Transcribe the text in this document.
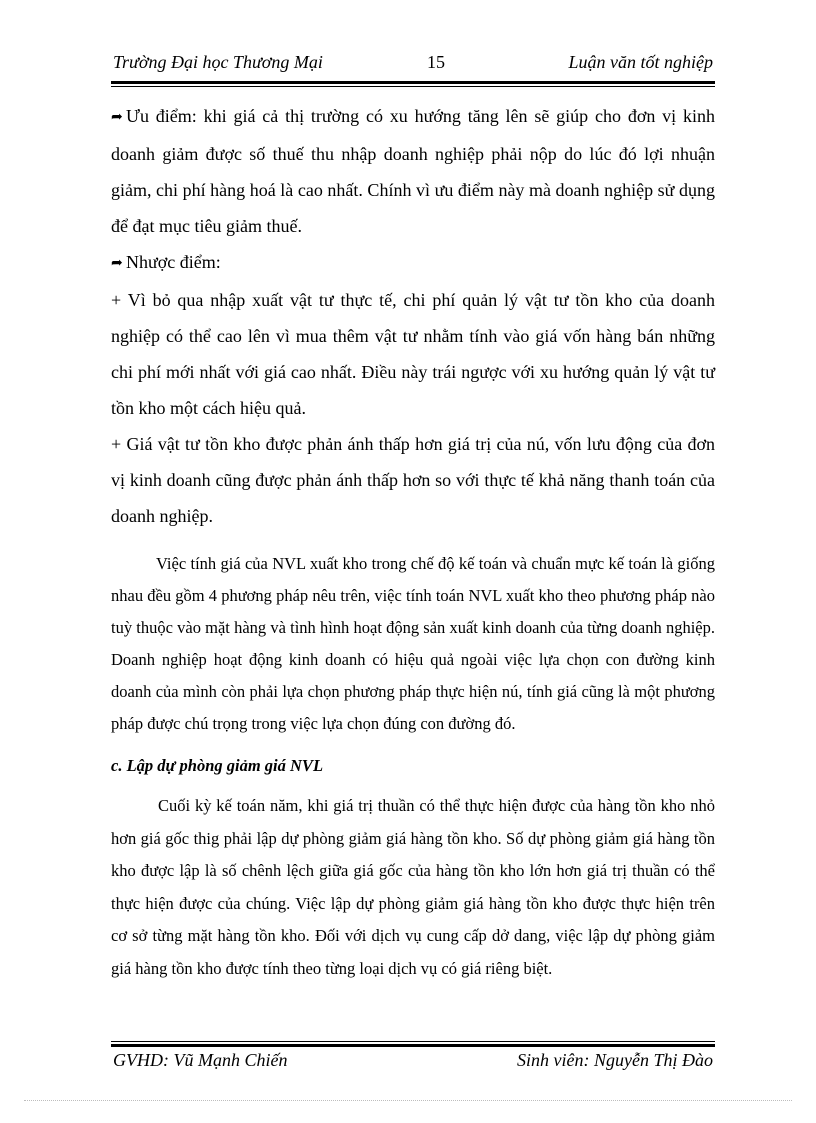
Trường Đại học Thương Mại	15	Luận văn tốt nghiệp

➦ Ưu điểm: khi giá cả thị trường có xu hướng tăng lên sẽ giúp cho đơn vị kinh doanh giảm được số thuế thu nhập doanh nghiệp phải nộp do lúc đó lợi nhuận giảm, chi phí hàng hoá là cao nhất. Chính vì ưu điểm này mà doanh nghiệp sử dụng để đạt mục tiêu giảm thuế.

➦ Nhược điểm:

+ Vì bỏ qua nhập xuất vật tư thực tế, chi phí quản lý vật tư tồn kho của doanh nghiệp có thể cao lên vì mua thêm vật tư nhằm tính vào giá vốn hàng bán những chi phí mới nhất với giá cao nhất. Điều này trái ngược với xu hướng quản lý vật tư tồn kho một cách hiệu quả.

+ Giá vật tư tồn kho được phản ánh thấp hơn giá trị của nú, vốn lưu động của đơn vị kinh doanh cũng được phản ánh thấp hơn so với thực tế khả năng thanh toán của doanh nghiệp.

Việc tính giá của NVL xuất kho trong chế độ kế toán và chuẩn mực kế toán là giống nhau đều gồm 4 phương pháp nêu trên, việc tính toán NVL xuất kho theo phương pháp nào tuỳ thuộc vào mặt hàng và tình hình hoạt động sản xuất kinh doanh của từng doanh nghiệp. Doanh nghiệp hoạt động kinh doanh có hiệu quả ngoài việc lựa chọn con đường kinh doanh của mình còn phải lựa chọn phương pháp thực hiện nú, tính giá cũng là một phương pháp được chú trọng trong việc lựa chọn đúng con đường đó.

c. Lập dự phòng giảm giá NVL

Cuối kỳ kế toán năm, khi giá trị thuần có thể thực hiện được của hàng tồn kho nhỏ hơn giá gốc thig phải lập dự phòng giảm giá hàng tồn kho. Số dự phòng giảm giá hàng tồn kho được lập là số chênh lệch giữa giá gốc của hàng tồn kho lớn hơn giá trị thuần có thể thực hiện được của chúng. Việc lập dự phòng giảm giá hàng tồn kho được thực hiện trên cơ sở từng mặt hàng tồn kho. Đối với dịch vụ cung cấp dở dang, việc lập dự phòng giảm giá hàng tồn kho được tính theo từng loại dịch vụ có giá riêng biệt.

GVHD: Vũ Mạnh Chiến	Sinh viên: Nguyễn Thị Đào
